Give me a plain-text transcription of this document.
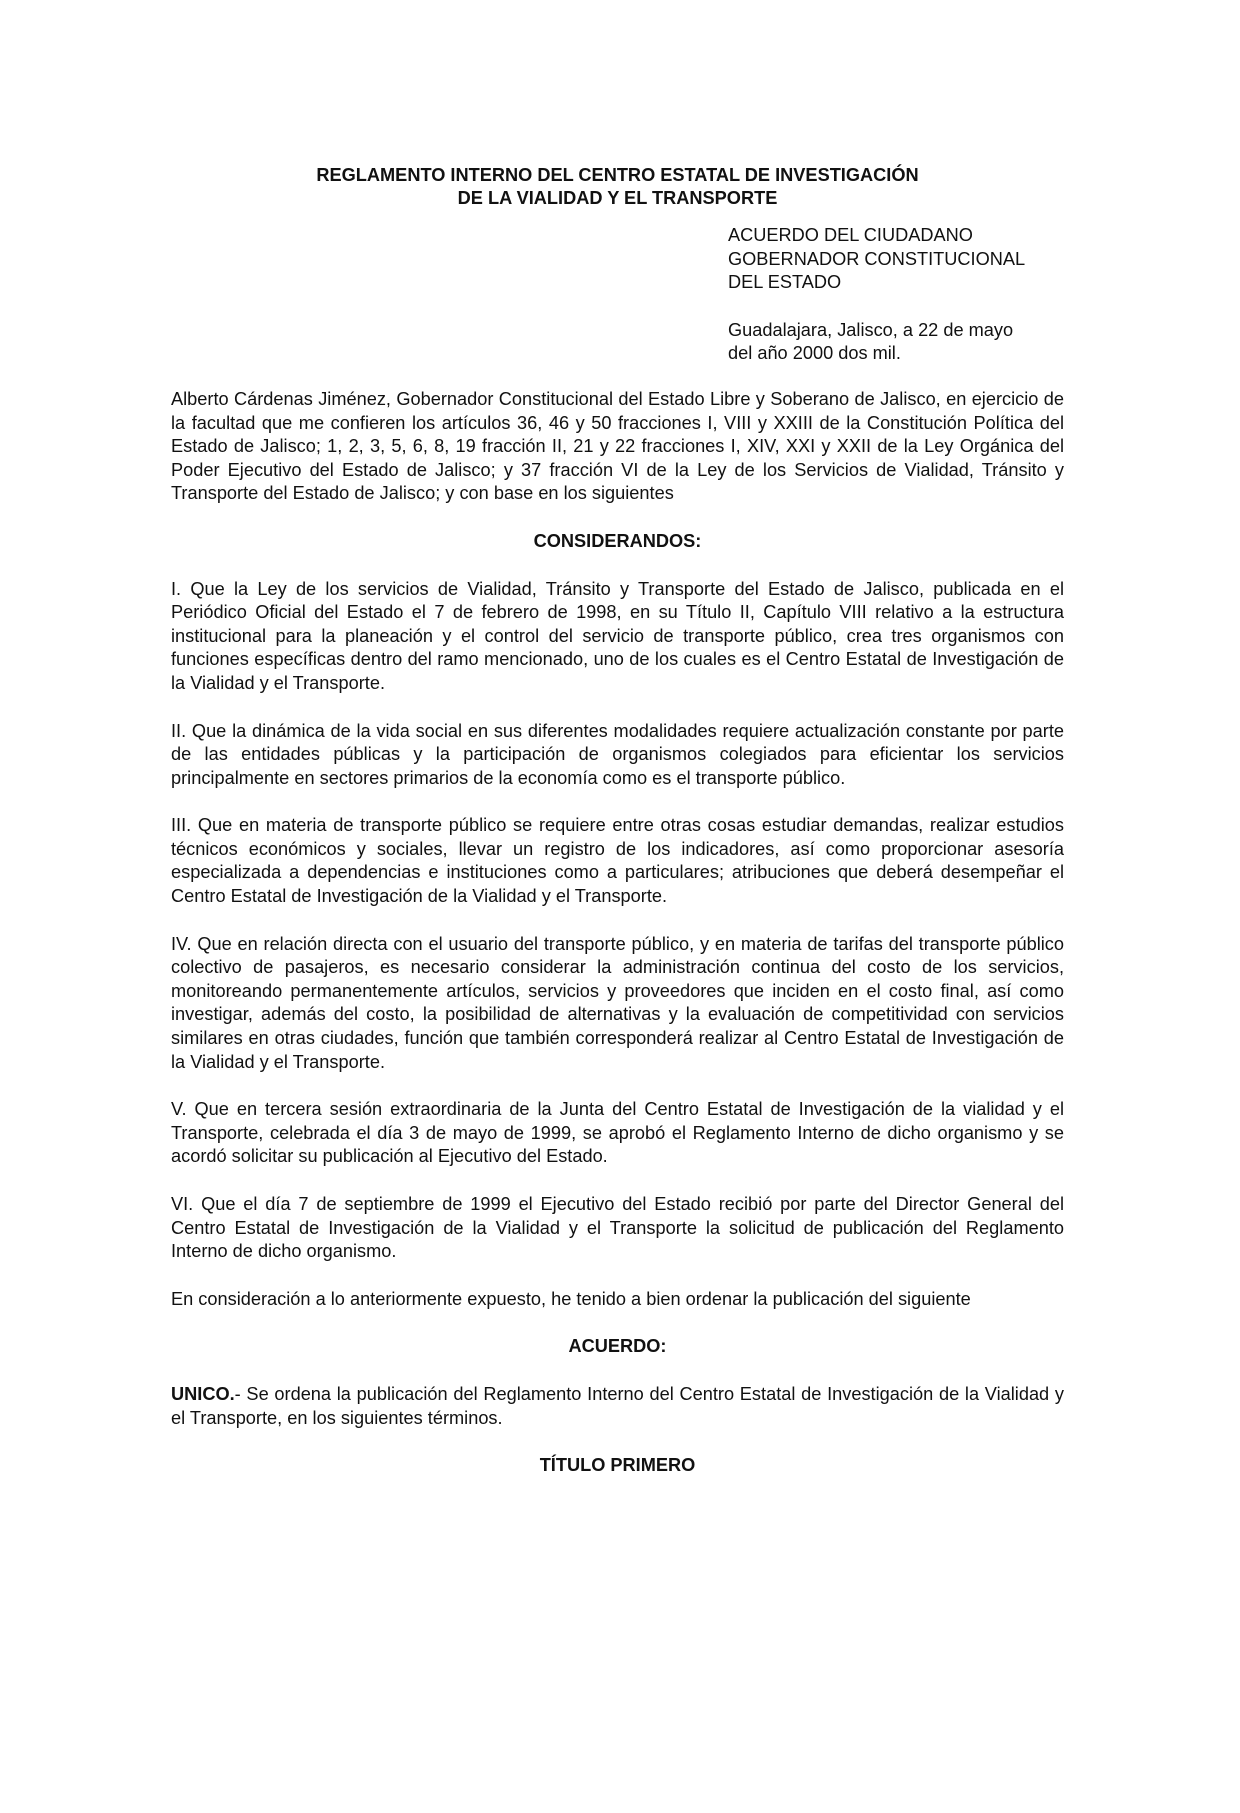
REGLAMENTO INTERNO DEL CENTRO ESTATAL DE INVESTIGACIÓN

DE LA VIALIDAD Y EL TRANSPORTE

ACUERDO DEL CIUDADANO
GOBERNADOR CONSTITUCIONAL
DEL ESTADO
Guadalajara, Jalisco, a 22 de mayo
del año 2000 dos mil.

Alberto Cárdenas Jiménez, Gobernador Constitucional del Estado Libre y Soberano de Jalisco, en ejercicio de la facultad que me confieren los artículos 36, 46 y 50 fracciones I, VIII y XXIII de la Constitución Política del Estado de Jalisco; 1, 2, 3, 5, 6, 8, 19 fracción II, 21 y 22 fracciones I, XIV, XXI y XXII de la Ley Orgánica del Poder Ejecutivo del Estado de Jalisco; y 37 fracción VI de la Ley de los Servicios de Vialidad, Tránsito y Transporte del Estado de Jalisco; y con base en los siguientes

CONSIDERANDOS:

I. Que la Ley de los servicios de Vialidad, Tránsito y Transporte del Estado de Jalisco, publicada en el Periódico Oficial del Estado el 7 de febrero de 1998, en su Título II, Capítulo VIII relativo a la estructura institucional para la planeación y el control del servicio de transporte público, crea tres organismos con funciones específicas dentro del ramo mencionado, uno de los cuales es el Centro Estatal de Investigación de la Vialidad y el Transporte.

II. Que la dinámica de la vida social en sus diferentes modalidades requiere actualización constante por parte de las entidades públicas y la participación de organismos colegiados para eficientar los servicios principalmente en sectores primarios de la economía como es el transporte público.

III. Que en materia de transporte público se requiere entre otras cosas estudiar demandas, realizar estudios técnicos económicos y sociales, llevar un registro de los indicadores, así como proporcionar asesoría especializada a dependencias e instituciones como a particulares; atribuciones que deberá desempeñar el Centro Estatal de Investigación de la Vialidad y el Transporte.

IV. Que en relación directa con el usuario del transporte público, y en materia de tarifas del transporte público colectivo de pasajeros, es necesario considerar la administración continua del costo de los servicios, monitoreando permanentemente artículos, servicios y proveedores que inciden en el costo final, así como investigar, además del costo, la posibilidad de alternativas y la evaluación de competitividad con servicios similares en otras ciudades, función que también corresponderá realizar al Centro Estatal de Investigación de la Vialidad y el Transporte.

V. Que en tercera sesión extraordinaria de la Junta del Centro Estatal de Investigación de la vialidad y el Transporte, celebrada el día 3 de mayo de 1999, se aprobó el Reglamento Interno de dicho organismo y se acordó solicitar su publicación al Ejecutivo del Estado.

VI. Que el día 7 de septiembre de 1999 el Ejecutivo del Estado recibió por parte del Director General del Centro Estatal de Investigación de la Vialidad y el Transporte la solicitud de publicación del Reglamento Interno de dicho organismo.

En consideración a lo anteriormente expuesto, he tenido a bien ordenar la publicación del siguiente

ACUERDO:

UNICO.- Se ordena la publicación del Reglamento Interno del Centro Estatal de Investigación de la Vialidad y el Transporte, en los siguientes términos.

TÍTULO PRIMERO
